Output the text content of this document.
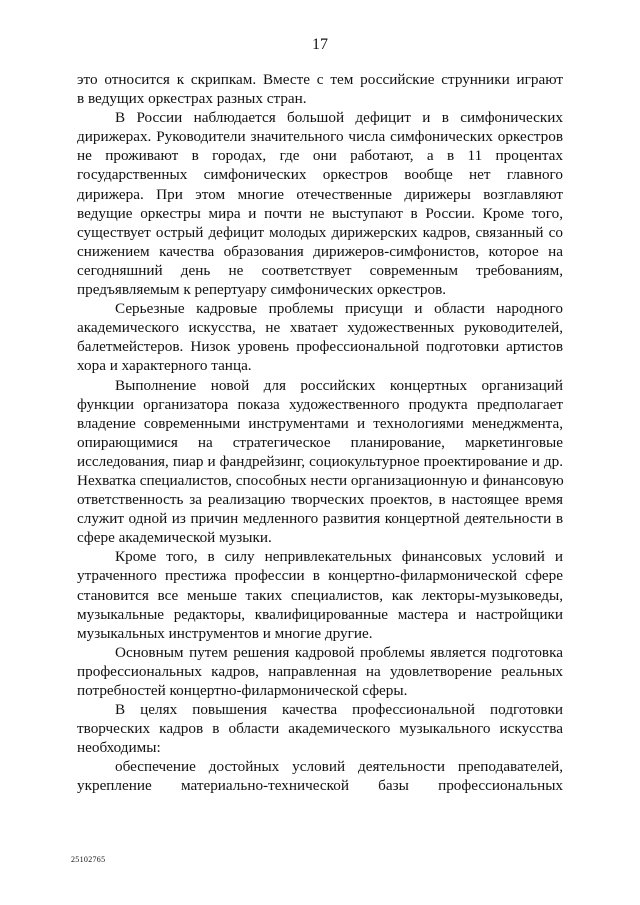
17
это относится к скрипкам. Вместе с тем российские струнники играют
в ведущих оркестрах разных стран.
В России наблюдается большой дефицит и в симфонических
дирижерах. Руководители значительного числа симфонических оркестров
не проживают в городах, где они работают, а в 11 процентах
государственных симфонических оркестров вообще нет главного
дирижера. При этом многие отечественные дирижеры возглавляют
ведущие оркестры мира и почти не выступают в России. Кроме того,
существует острый дефицит молодых дирижерских кадров, связанный со
снижением качества образования дирижеров-симфонистов, которое на
сегодняшний день не соответствует современным требованиям,
предъявляемым к репертуару симфонических оркестров.
Серьезные кадровые проблемы присущи и области народного
академического искусства, не хватает художественных руководителей,
балетмейстеров. Низок уровень профессиональной подготовки артистов
хора и характерного танца.
Выполнение новой для российских концертных организаций
функции организатора показа художественного продукта предполагает
владение современными инструментами и технологиями менеджмента,
опирающимися на стратегическое планирование, маркетинговые
исследования, пиар и фандрейзинг, социокультурное проектирование и др.
Нехватка специалистов, способных нести организационную и финансовую
ответственность за реализацию творческих проектов, в настоящее время
служит одной из причин медленного развития концертной деятельности в
сфере академической музыки.
Кроме того, в силу непривлекательных финансовых условий и
утраченного престижа профессии в концертно-филармонической сфере
становится все меньше таких специалистов, как лекторы-музыковеды,
музыкальные редакторы, квалифицированные мастера и настройщики
музыкальных инструментов и многие другие.
Основным путем решения кадровой проблемы является подготовка
профессиональных кадров, направленная на удовлетворение реальных
потребностей концертно-филармонической сферы.
В целях повышения качества профессиональной подготовки
творческих кадров в области академического музыкального искусства
необходимы:
обеспечение достойных условий деятельности преподавателей,
укрепление материально-технической базы профессиональных
25102765
